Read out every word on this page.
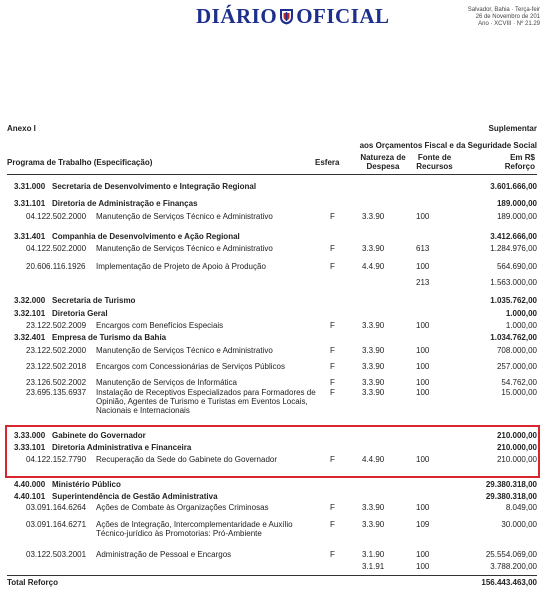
DIÁRIO OFICIAL	Salvador, Bahia · Terça-feir
26 de Novembro de 201
Ano · XCVIII · Nº 21.29
Anexo I	Suplementar
aos Orçamentos Fiscal e da Seguridade Social
Programa de Trabalho (Especificação)	Esfera
Natureza de
Despesa
Fonte de
Recursos
Em R$
Reforço
3.31.000 Secretaria de Desenvolvimento e Integração Regional	3.601.666,00
3.31.101 Diretoria de Administração e Finanças	189.000,00
04.122.502.2000 Manutenção de Serviços Técnico e Administrativo	F	3.3.90	100	189.000,00
3.31.401 Companhia de Desenvolvimento e Ação Regional	3.412.666,00
04.122.502.2000 Manutenção de Serviços Técnico e Administrativo	F	3.3.90	613	1.284.976,00
20.606.116.1926 Implementação de Projeto de Apoio à Produção	F	4.4.90	100	564.690,00
213	1.563.000,00
3.32.000 Secretaria de Turismo	1.035.762,00
3.32.101 Diretoria Geral	1.000,00
23.122.502.2009 Encargos com Benefícios Especiais	F	3.3.90	100	1.000,00
3.32.401 Empresa de Turismo da Bahia	1.034.762,00
23.122.502.2000 Manutenção de Serviços Técnico e Administrativo	F	3.3.90	100	708.000,00
23.122.502.2018 Encargos com Concessionárias de Serviços Públicos	F	3.3.90	100	257.000,00
23.126.502.2002 Manutenção de Serviços de Informática	F	3.3.90	100	54.762,00
23.695.135.6937 Instalação de Receptivos Especializados para Formadores de Opinião, Agentes de Turismo e Turistas em Eventos Locais, Nacionais e Internacionais
F	3.3.90	100	15.000,00
3.33.000 Gabinete do Governador	210.000,00
3.33.101 Diretoria Administrativa e Financeira	210.000,00
04.122.152.7790 Recuperação da Sede do Gabinete do Governador	F	4.4.90	100	210.000,00
4.40.000 Ministério Público	29.380.318,00
4.40.101 Superintendência de Gestão Administrativa	29.380.318,00
03.091.164.6264 Ações de Combate às Organizações Criminosas	F	3.3.90	100	8.049,00
03.091.164.6271 Ações de Integração, Intercomplementaridade e Auxílio Técnico-jurídico às Promotorias: Pró-Ambiente
F	3.3.90	109	30.000,00
03.122.503.2001 Administração de Pessoal e Encargos	F	3.1.90	100	25.554.069,00
3.1.91	100	3.788.200,00
Total Reforço	156.443.463,00
